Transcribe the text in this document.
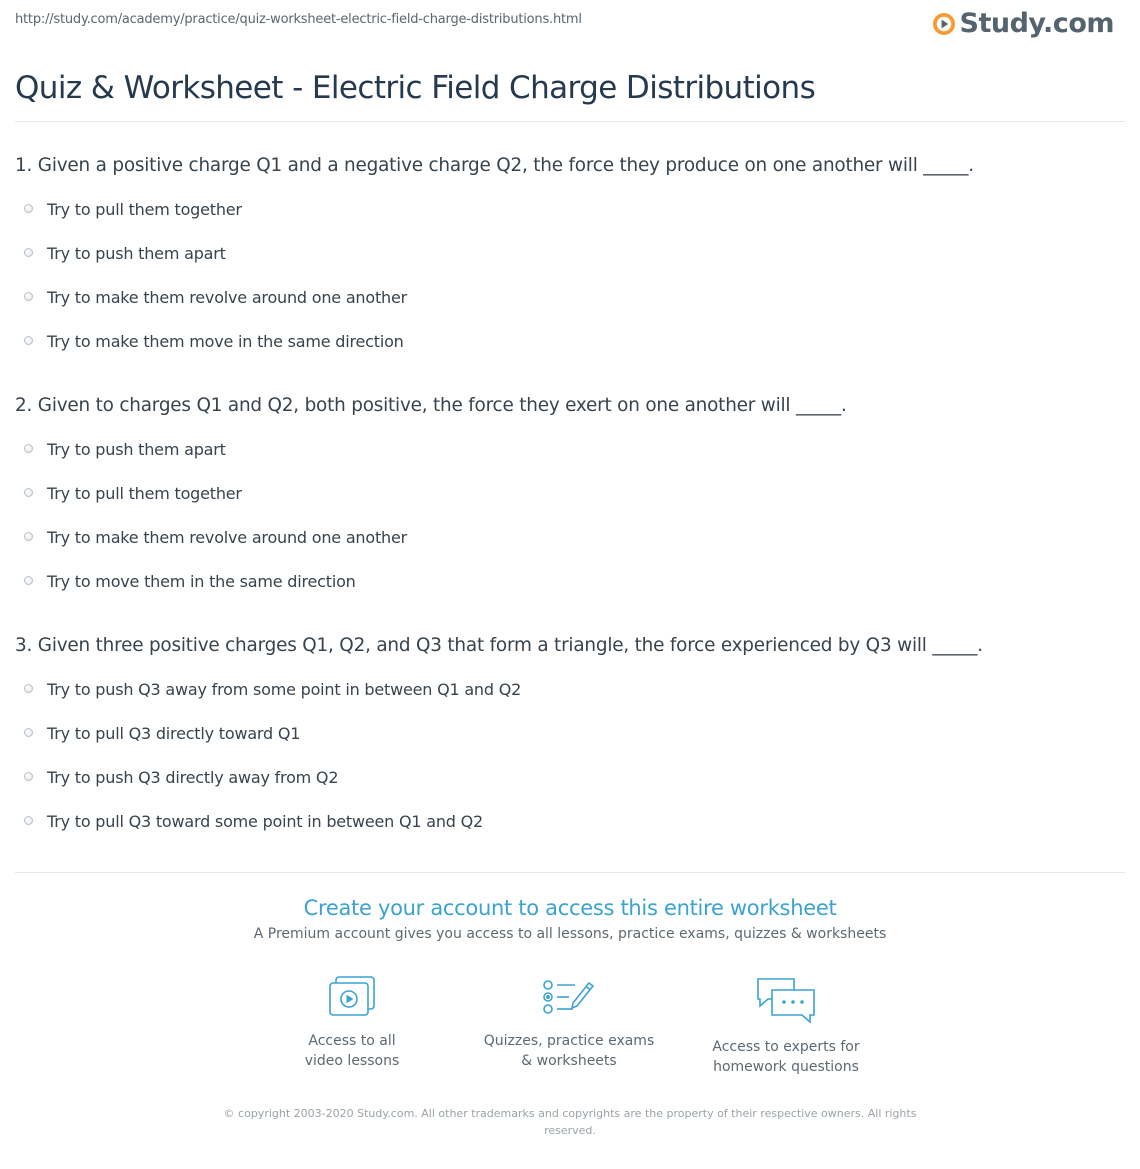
http://study.com/academy/practice/quiz-worksheet-electric-field-charge-distributions.html	Study.com
Quiz & Worksheet - Electric Field Charge Distributions

1. Given a positive charge Q1 and a negative charge Q2, the force they produce on one another will _____.

Try to pull them together
Try to push them apart
Try to make them revolve around one another
Try to make them move in the same direction

2. Given to charges Q1 and Q2, both positive, the force they exert on one another will _____.

Try to push them apart
Try to pull them together
Try to make them revolve around one another
Try to move them in the same direction

3. Given three positive charges Q1, Q2, and Q3 that form a triangle, the force experienced by Q3 will _____.

Try to push Q3 away from some point in between Q1 and Q2
Try to pull Q3 directly toward Q1
Try to push Q3 directly away from Q2
Try to pull Q3 toward some point in between Q1 and Q2
Create your account to access this entire worksheet
A Premium account gives you access to all lessons, practice exams, quizzes & worksheets
Access to all
video lessons
Quizzes, practice exams
& worksheets
Access to experts for
homework questions
© copyright 2003-2020 Study.com. All other trademarks and copyrights are the property of their respective owners. All rights reserved.
